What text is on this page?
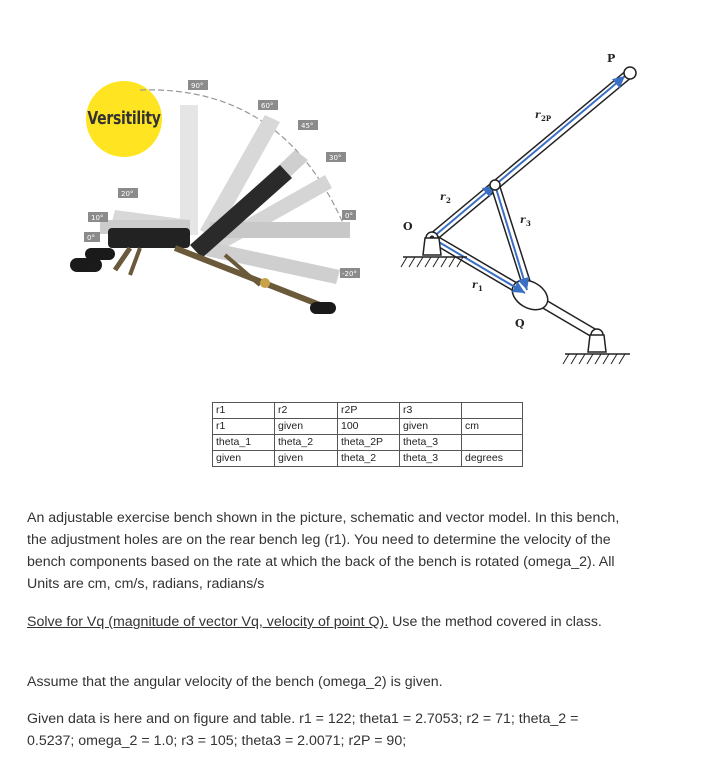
Versitility
90°
60°
45°
30°
0°
-20°
20°
10°
0°
P
r 2P
O
r 2
r 3
r 1
Q
r1	r2	r2P	r3	
r1	given	100	given	cm
theta_1	theta_2	theta_2P	theta_3	
given	given	theta_2	theta_3	degrees

An adjustable exercise bench shown in the picture, schematic and vector model. In this bench, the adjustment holes are on the rear bench leg (r1). You need to determine the velocity of the bench components based on the rate at which the back of the bench is rotated (omega_2). All Units are cm, cm/s, radians, radians/s

Solve for Vq (magnitude of vector Vq, velocity of point Q). Use the method covered in class.

Assume that the angular velocity of the bench (omega_2) is given.

Given data is here and on figure and table. r1 = 122; theta1 = 2.7053; r2 = 71; theta_2 = 0.5237; omega_2 = 1.0; r3 = 105; theta3 = 2.0071; r2P = 90;
